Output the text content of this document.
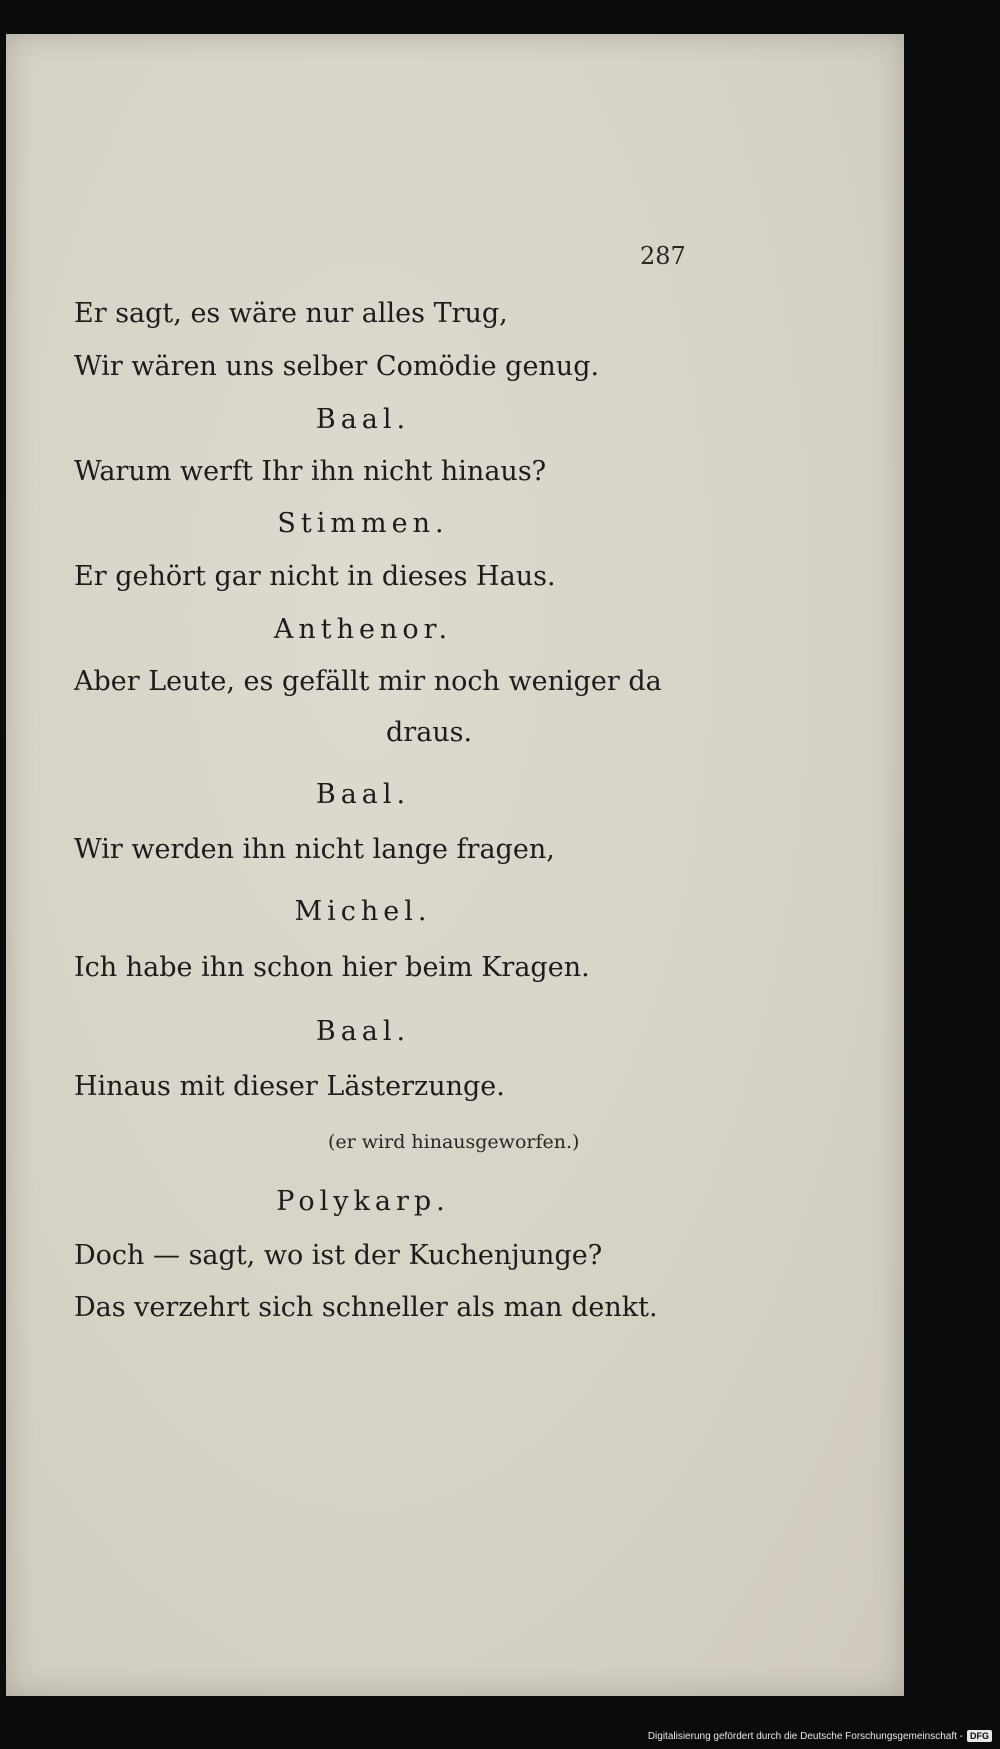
287
Er sagt, es wäre nur alles Trug,
Wir wären uns selber Comödie genug.
Baal.
Warum werft Ihr ihn nicht hinaus?
Stimmen.
Er gehört gar nicht in dieses Haus.
Anthenor.
Aber Leute, es gefällt mir noch weniger da
draus.
Baal.
Wir werden ihn nicht lange fragen,
Michel.
Ich habe ihn schon hier beim Kragen.
Baal.
Hinaus mit dieser Lästerzunge.
(er wird hinausgeworfen.)
Polykarp.
Doch — sagt, wo ist der Kuchenjunge?
Das verzehrt sich schneller als man denkt.
Digitalisierung gefördert durch die Deutsche Forschungsgemeinschaft - DFG
